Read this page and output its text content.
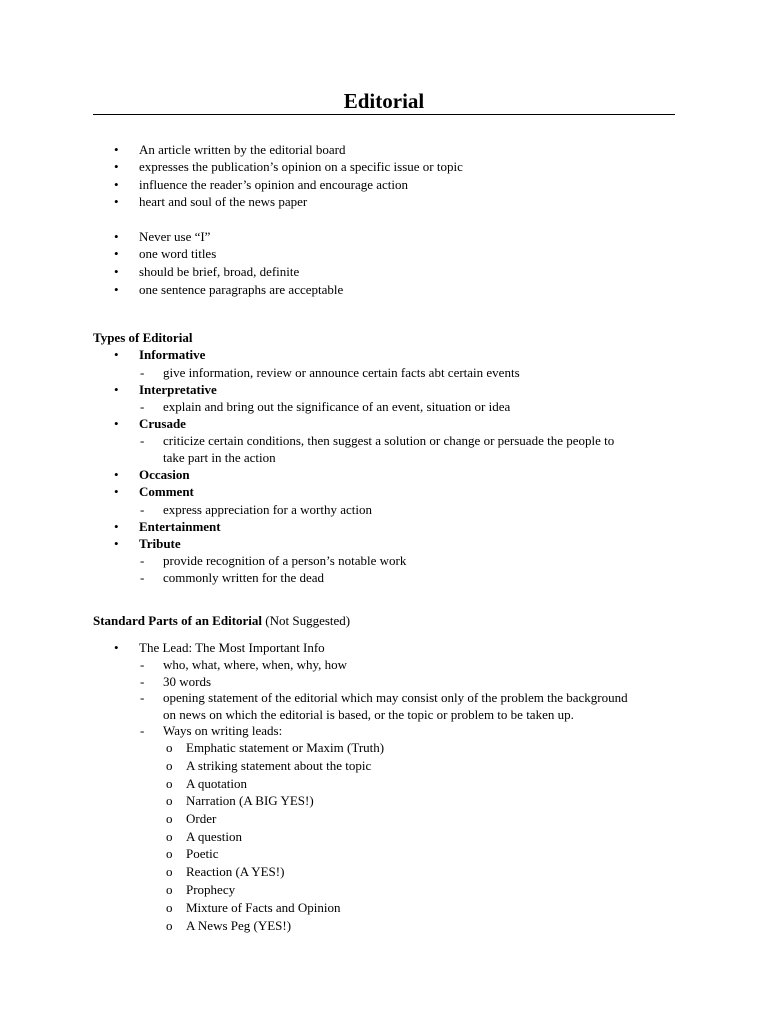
Editorial
• An article written by the editorial board
• expresses the publication’s opinion on a specific issue or topic
• influence the reader’s opinion and encourage action
• heart and soul of the news paper
• Never use “I”
• one word titles
• should be brief, broad, definite
• one sentence paragraphs are acceptable
Types of Editorial
• Informative
- give information, review or announce certain facts abt certain events
• Interpretative
- explain and bring out the significance of an event, situation or idea
• Crusade
- criticize certain conditions, then suggest a solution or change or persuade the people to
take part in the action
• Occasion
• Comment
- express appreciation for a worthy action
• Entertainment
• Tribute
- provide recognition of a person’s notable work
- commonly written for the dead
Standard Parts of an Editorial (Not Suggested)
• The Lead: The Most Important Info
- who, what, where, when, why, how
- 30 words
- opening statement of the editorial which may consist only of the problem the background
on news on which the editorial is based, or the topic or problem to be taken up.
- Ways on writing leads:
o Emphatic statement or Maxim (Truth)
o A striking statement about the topic
o A quotation
o Narration (A BIG YES!)
o Order
o A question
o Poetic
o Reaction (A YES!)
o Prophecy
o Mixture of Facts and Opinion
o A News Peg (YES!)
